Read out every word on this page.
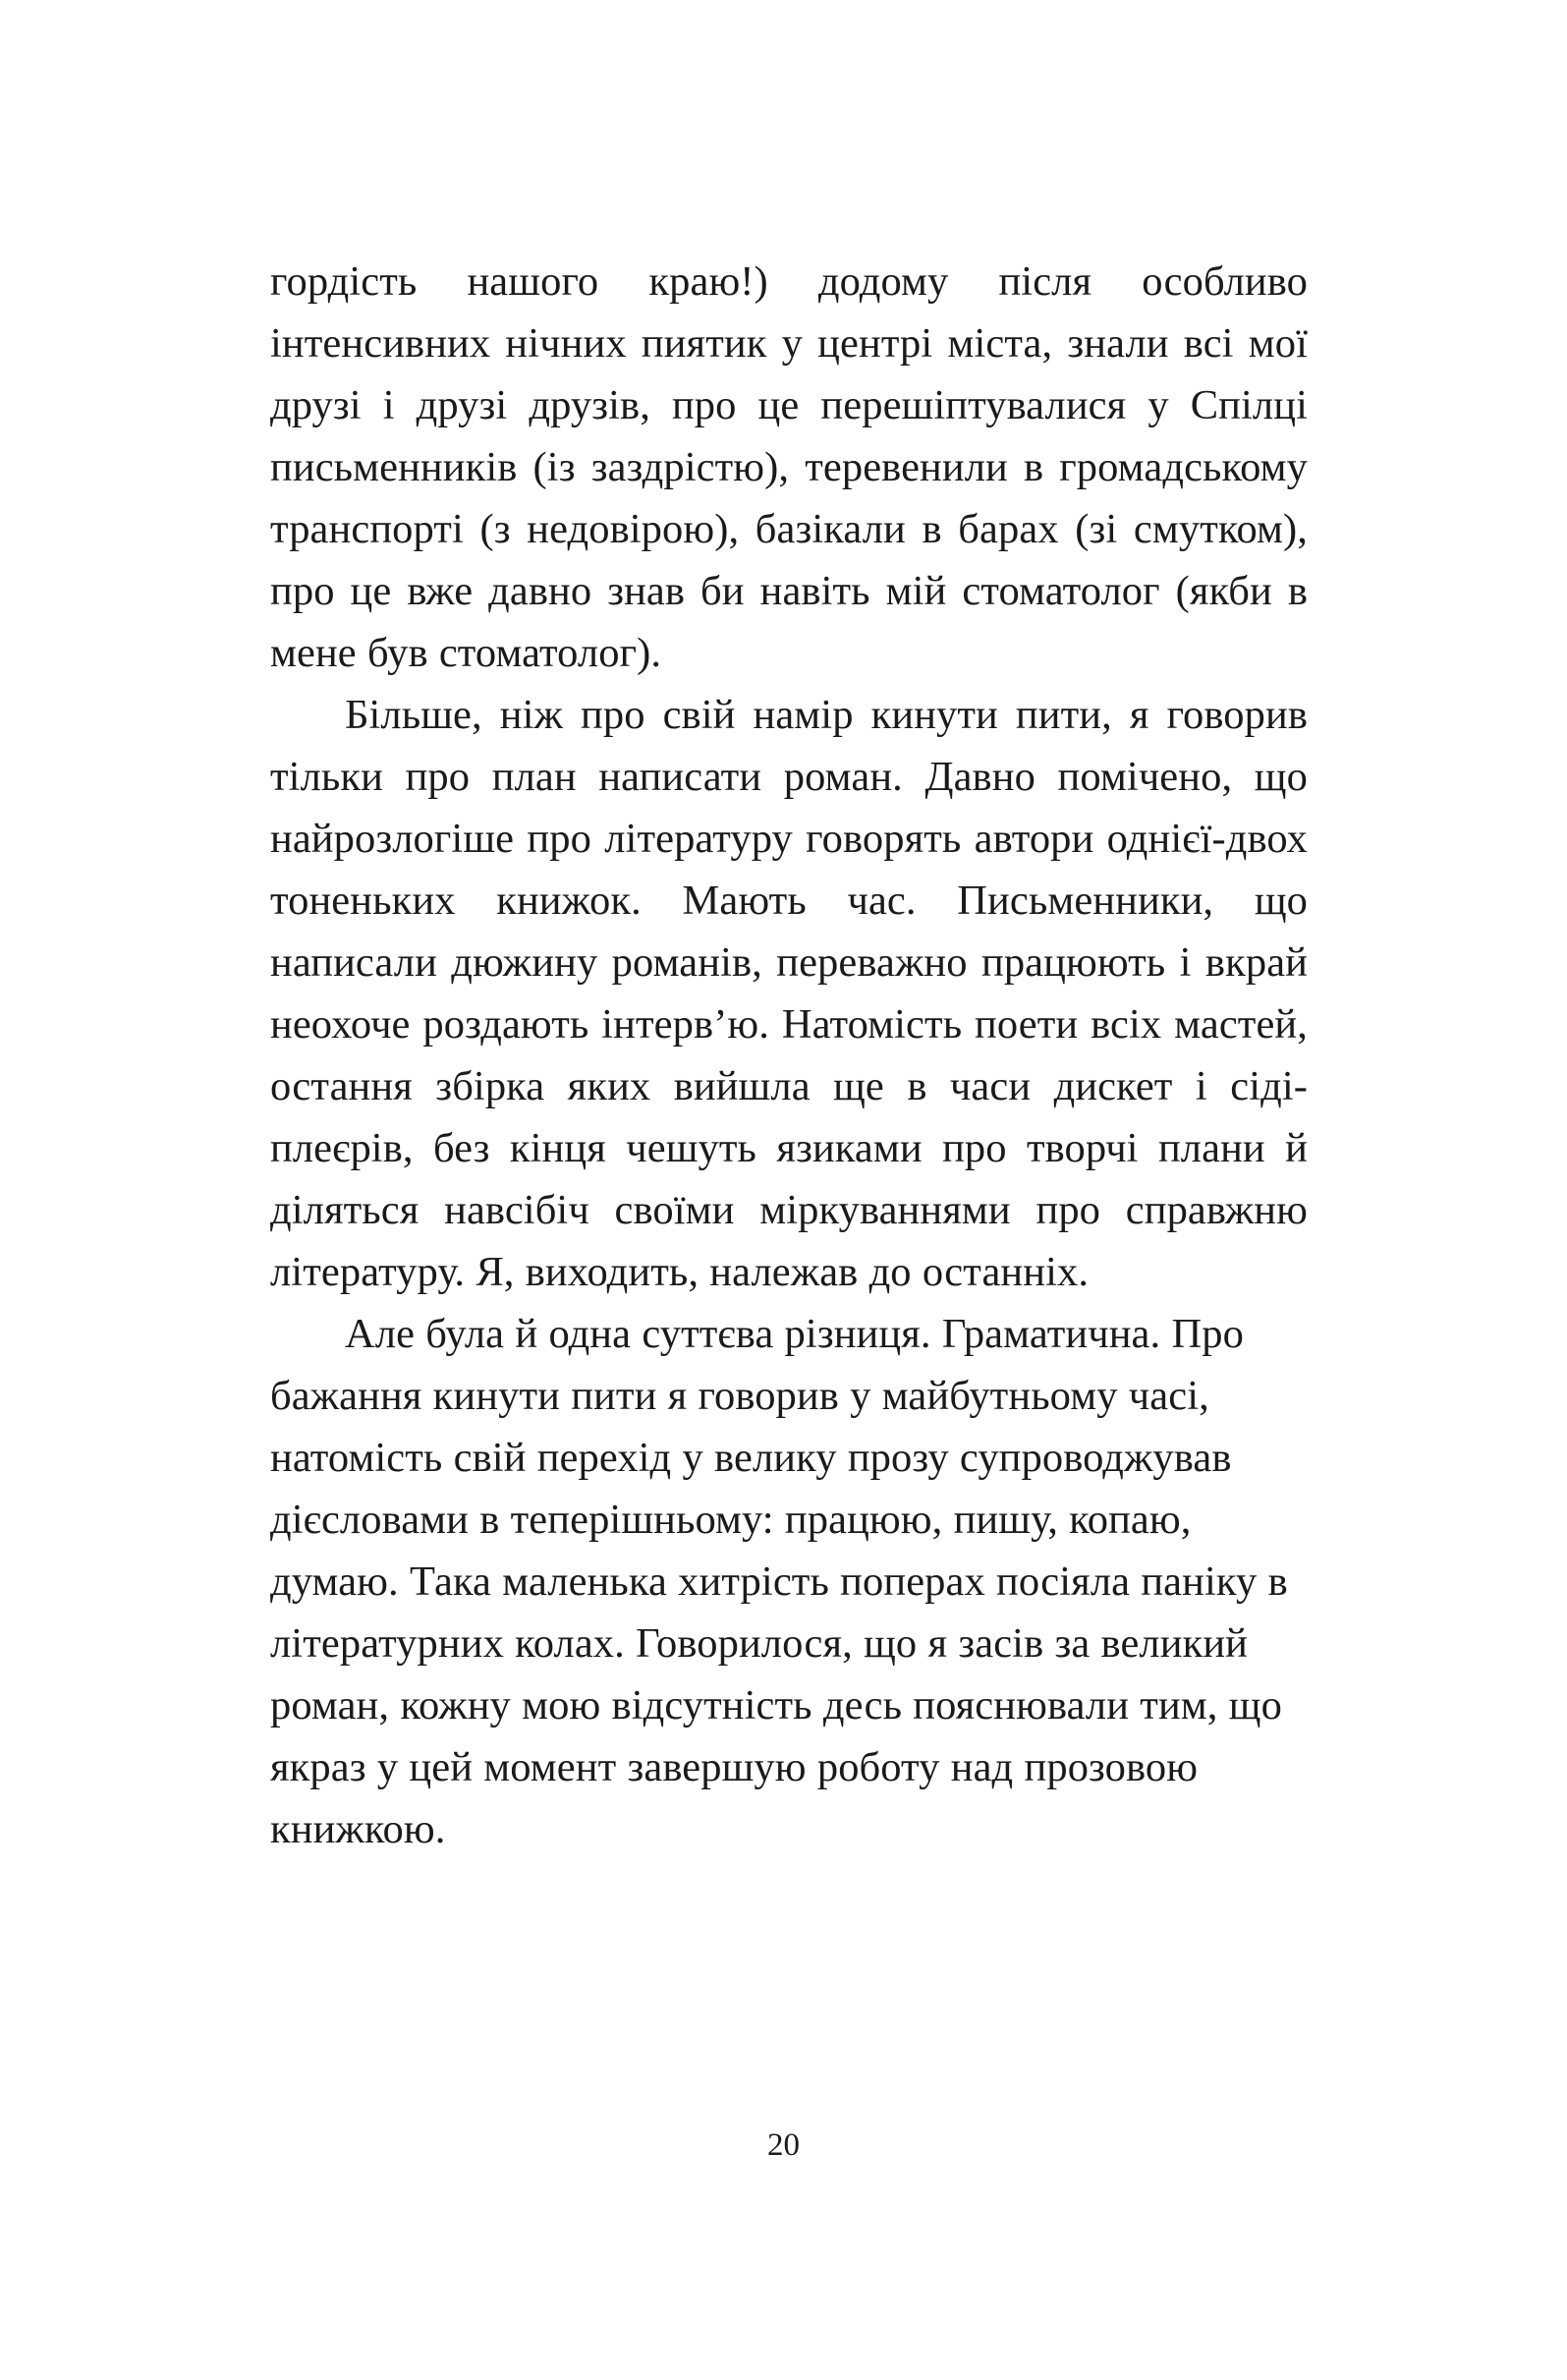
гордість нашого краю!) додому після особливо інтенсивних нічних пиятик у центрі міста, знали всі мої друзі і друзі друзів, про це перешіптувалися у Спілці письменників (із заздрістю), теревенили в громадському транспорті (з недовірою), базікали в барах (зі смутком), про це вже давно знав би навіть мій стоматолог (якби в мене був стоматолог).

Більше, ніж про свій намір кинути пити, я говорив тільки про план написати роман. Давно помічено, що найрозлогіше про літературу говорять автори однієї-двох тоненьких книжок. Мають час. Письменники, що написали дюжину романів, переважно працюють і вкрай неохоче роздають інтерв’ю. Натомість поети всіх мастей, остання збірка яких вийшла ще в часи дискет і сіді-плеєрів, без кінця чешуть язиками про творчі плани й діляться навсібіч своїми міркуваннями про справжню літературу. Я, виходить, належав до останніх.

Але була й одна суттєва різниця. Граматична. Про бажання кинути пити я говорив у майбутньому часі, натомість свій перехід у велику прозу супроводжував дієсловами в теперішньому: працюю, пишу, копаю, думаю. Така маленька хитрість поперах посіяла паніку в літературних колах. Говорилося, що я засів за великий роман, кожну мою відсутність десь пояснювали тим, що якраз у цей момент завершую роботу над прозовою книжкою.

20
